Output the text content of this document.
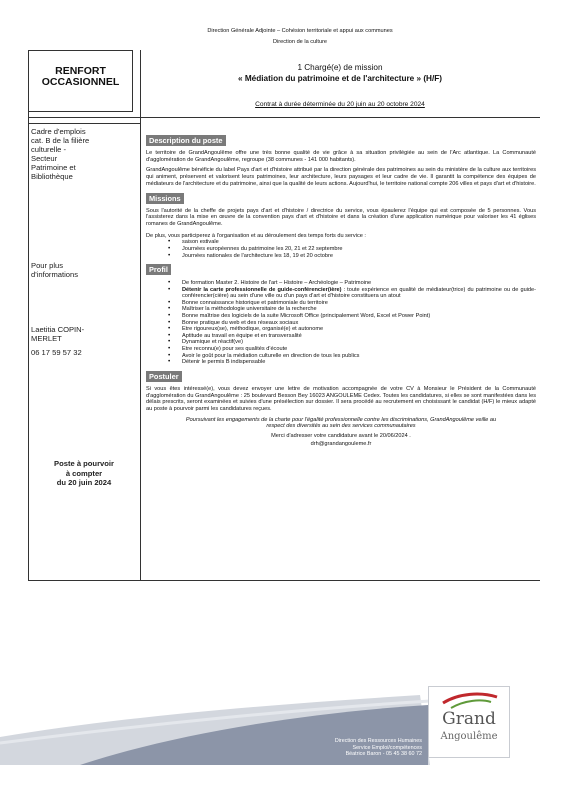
Direction Générale Adjointe – Cohésion territoriale et appui aux communes
Direction de la culture
RENFORT
OCCASIONNEL
1 Chargé(e) de mission
« Médiation du patrimoine et de l'architecture » (H/F)
Contrat à durée déterminée du 20 juin au 20 octobre 2024
Cadre d'emplois
cat. B de la filière
culturelle -
Secteur
Patrimoine et
Bibliothèque
Pour plus
d'informations
Laetitia COPIN-
MERLET
06 17 59 57 32
Poste à pourvoir
à compter
du 20 juin 2024
Description du poste

Le territoire de GrandAngoulême offre une très bonne qualité de vie grâce à sa situation privilégiée au sein de l'Arc atlantique. La Communauté d'agglomération de GrandAngoulême, regroupe (38 communes - 141 000 habitants).

GrandAngoulême bénéficie du label Pays d'art et d'histoire attribué par la direction générale des patrimoines au sein du ministère de la culture aux territoires qui animent, préservent et valorisent leurs patrimoines, leur architecture, leurs paysages et leur cadre de vie. Il garantit la compétence des équipes de médiateurs de l'architecture et du patrimoine, ainsi que la qualité de leurs actions. Aujourd'hui, le territoire national compte 206 villes et pays d'art et d'histoire.

Missions

Sous l'autorité de la cheffe de projets pays d'art et d'histoire / directrice du service, vous épaulerez l'équipe qui est composée de 5 personnes. Vous l'assisterez dans la mise en œuvre de la convention pays d'art et d'histoire et dans la création d'une application numérique pour valoriser les 41 églises romanes de GrandAngoulême.

De plus, vous participerez à l'organisation et au déroulement des temps forts du service :

• saison estivale
• Journées européennes du patrimoine les 20, 21 et 22 septembre
• Journées nationales de l'architecture les 18, 19 et 20 octobre
Profil
• De formation Master 2. Histoire de l'art – Histoire – Archéologie – Patrimoine
• Détenir la carte professionnelle de guide-conférencier(ière) : toute expérience en qualité de médiateur(trice) du patrimoine ou de guide-conférencier(cière) au sein d'une ville ou d'un pays d'art et d'histoire constituera un atout
• Bonne connaissance historique et patrimoniale du territoire
• Maîtriser la méthodologie universitaire de la recherche
• Bonne maîtrise des logiciels de la suite Microsoft Office (principalement Word, Excel et Power Point)
• Bonne pratique du web et des réseaux sociaux
• Etre rigoureux(se), méthodique, organisé(e) et autonome
• Aptitude au travail en équipe et en transversalité
• Dynamique et réactif(ve)
• Etre reconnu(e) pour ses qualités d'écoute
• Avoir le goût pour la médiation culturelle en direction de tous les publics
• Détenir le permis B indispensable
Postuler

Si vous êtes intéressé(e), vous devez envoyer une lettre de motivation accompagnée de votre CV à Monsieur le Président de la Communauté d'agglomération du GrandAngoulême : 25 boulevard Besson Bey 16023 ANGOULEME Cedex. Toutes les candidatures, si elles se sont manifestées dans les délais prescrits, seront examinées et suivies d'une présélection sur dossier. Il sera procédé au recrutement en choisissant le candidat (H/F) le mieux adapté au poste à pourvoir parmi les candidatures reçues.

Poursuivant les engagements de la charte pour l'égalité professionnelle contre les discriminations, GrandAngoulême veille au respect des diversités au sein des services communautaires

Merci d'adresser votre candidature avant le 20/06/2024 .

drh@grandangouleme.fr

Direction des Ressources Humaines
Service Emploi/compétences
Béatrice Baron - 05 45 38 60 72
Grand
Angoulême
